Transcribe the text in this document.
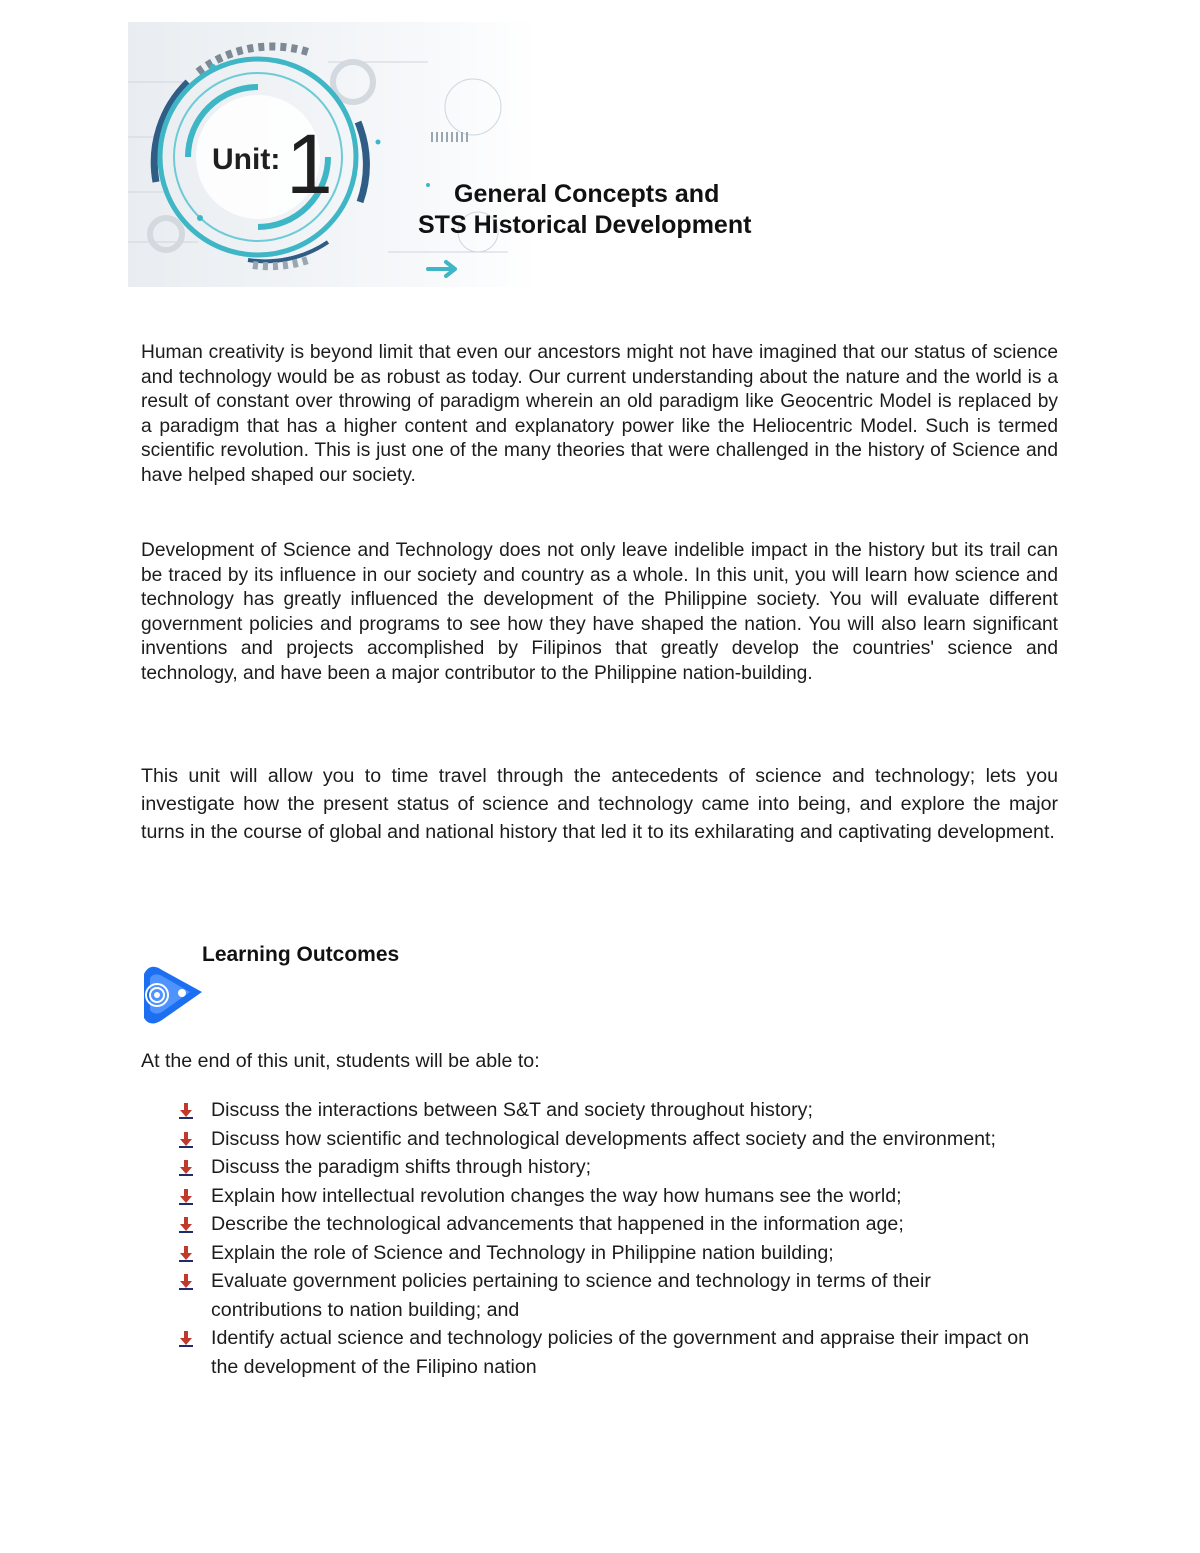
Unit: 1	General Concepts and
STS Historical Development

Human creativity is beyond limit that even our ancestors might not have imagined that our status of science and technology would be as robust as today. Our current understanding about the nature and the world is a result of constant over throwing of paradigm wherein an old paradigm like Geocentric Model is replaced by a paradigm that has a higher content and explanatory power like the Heliocentric Model. Such is termed scientific revolution. This is just one of the many theories that were challenged in the history of Science and have helped shaped our society.

Development of Science and Technology does not only leave indelible impact in the history but its trail can be traced by its influence in our society and country as a whole. In this unit, you will learn how science and technology has greatly influenced the development of the Philippine society. You will evaluate different government policies and programs to see how they have shaped the nation. You will also learn significant inventions and projects accomplished by Filipinos that greatly develop the countries' science and technology, and have been a major contributor to the Philippine nation-building.

This unit will allow you to time travel through the antecedents of science and technology; lets you investigate how the present status of science and technology came into being, and explore the major turns in the course of global and national history that led it to its exhilarating and captivating development.

Learning Outcomes

At the end of this unit, students will be able to:

Discuss the interactions between S&T and society throughout history;
Discuss how scientific and technological developments affect society and the environment;
Discuss the paradigm shifts through history;
Explain how intellectual revolution changes the way how humans see the world;
Describe the technological advancements that happened in the information age;
Explain the role of Science and Technology in Philippine nation building;
Evaluate government policies pertaining to science and technology in terms of their contributions to nation building; and
Identify actual science and technology policies of the government and appraise their impact on the development of the Filipino nation
